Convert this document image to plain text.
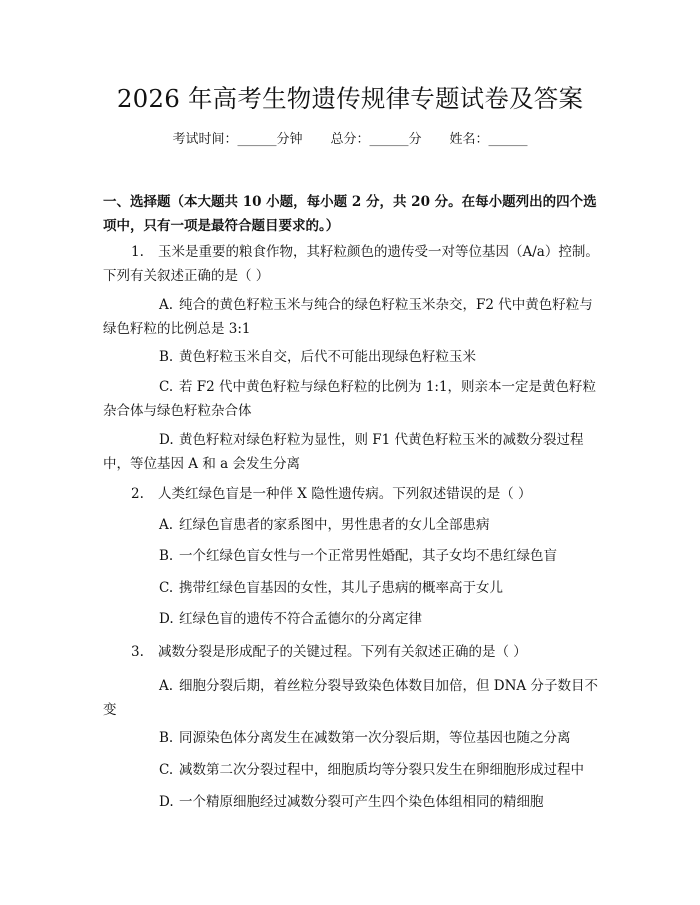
2026 年高考生物遗传规律专题试卷及答案
考试时间：______分钟 总分：______分 姓名：______
一、选择题（本大题共 10 小题，每小题 2 分，共 20 分。在每小题列出的四个选项中，只有一项是最符合题目要求的。）
1. 玉米是重要的粮食作物，其籽粒颜色的遗传受一对等位基因（A/a）控制。下列有关叙述正确的是（ ）
A. 纯合的黄色籽粒玉米与纯合的绿色籽粒玉米杂交，F2 代中黄色籽粒与绿色籽粒的比例总是 3:1
B. 黄色籽粒玉米自交，后代不可能出现绿色籽粒玉米
C. 若 F2 代中黄色籽粒与绿色籽粒的比例为 1:1，则亲本一定是黄色籽粒杂合体与绿色籽粒杂合体
D. 黄色籽粒对绿色籽粒为显性，则 F1 代黄色籽粒玉米的减数分裂过程中，等位基因 A 和 a 会发生分离
2. 人类红绿色盲是一种伴 X 隐性遗传病。下列叙述错误的是（ ）
A. 红绿色盲患者的家系图中，男性患者的女儿全部患病
B. 一个红绿色盲女性与一个正常男性婚配，其子女均不患红绿色盲
C. 携带红绿色盲基因的女性，其儿子患病的概率高于女儿
D. 红绿色盲的遗传不符合孟德尔的分离定律
3. 减数分裂是形成配子的关键过程。下列有关叙述正确的是（ ）
A. 细胞分裂后期，着丝粒分裂导致染色体数目加倍，但 DNA 分子数目不变
B. 同源染色体分离发生在减数第一次分裂后期，等位基因也随之分离
C. 减数第二次分裂过程中，细胞质均等分裂只发生在卵细胞形成过程中
D. 一个精原细胞经过减数分裂可产生四个染色体组相同的精细胞
